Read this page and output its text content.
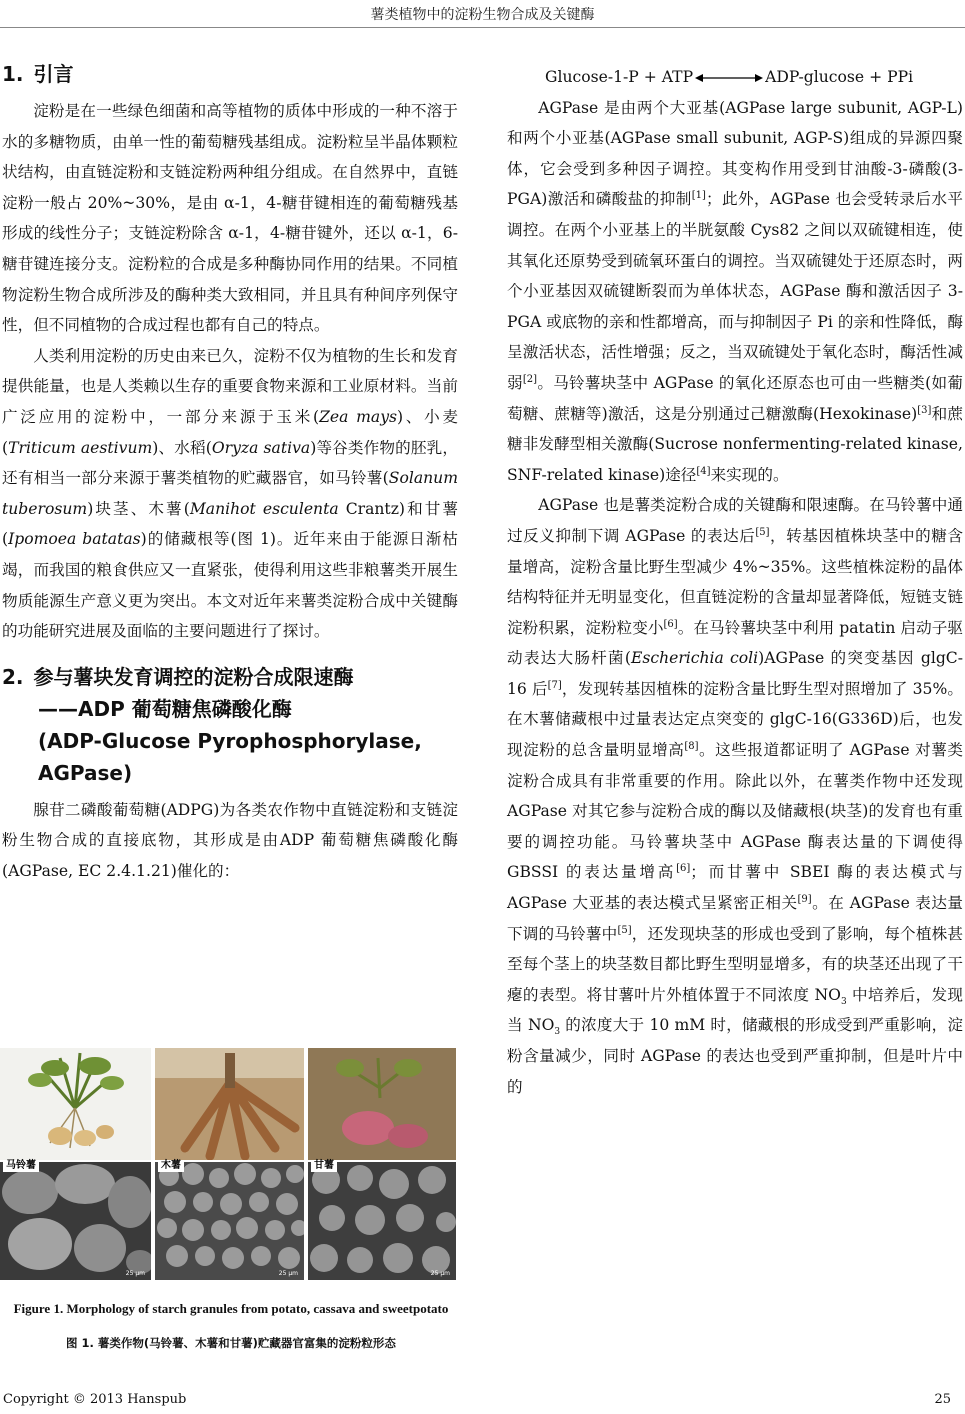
薯类植物中的淀粉生物合成及关键酶
1. 引言

淀粉是在一些绿色细菌和高等植物的质体中形成的一种不溶于水的多糖物质，由单一性的葡萄糖残基组成。淀粉粒呈半晶体颗粒状结构，由直链淀粉和支链淀粉两种组分组成。在自然界中，直链淀粉一般占 20%~30%，是由 α-1，4-糖苷键相连的葡萄糖残基形成的线性分子；支链淀粉除含 α-1，4-糖苷键外，还以 α-1，6-糖苷键连接分支。淀粉粒的合成是多种酶协同作用的结果。不同植物淀粉生物合成所涉及的酶种类大致相同，并且具有种间序列保守性，但不同植物的合成过程也都有自己的特点。

人类利用淀粉的历史由来已久，淀粉不仅为植物的生长和发育提供能量，也是人类赖以生存的重要食物来源和工业原材料。当前广泛应用的淀粉中，一部分来源于玉米(Zea mays)、小麦(Triticum aestivum)、水稻(Oryza sativa)等谷类作物的胚乳，还有相当一部分来源于薯类植物的贮藏器官，如马铃薯(Solanum tuberosum)块茎、木薯(Manihot esculenta Crantz)和甘薯(Ipomoea batatas)的储藏根等(图 1)。近年来由于能源日渐枯竭，而我国的粮食供应又一直紧张，使得利用这些非粮薯类开展生物质能源生产意义更为突出。本文对近年来薯类淀粉合成中关键酶的功能研究进展及面临的主要问题进行了探讨。

2. 参与薯块发育调控的淀粉合成限速酶
——ADP 葡萄糖焦磷酸化酶
(ADP-Glucose Pyrophosphorylase,
AGPase)

腺苷二磷酸葡萄糖(ADPG)为各类农作物中直链淀粉和支链淀粉生物合成的直接底物，其形成是由ADP 葡萄糖焦磷酸化酶(AGPase, EC 2.4.1.21)催化的：

25 μm	25 μm	25 μm
马铃薯	木薯	甘薯
Figure 1. Morphology of starch granules from potato, cassava and sweetpotato
图 1. 薯类作物(马铃薯、木薯和甘薯)贮藏器官富集的淀粉粒形态

Glucose-1-P + ATP	ADP-glucose + PPi

AGPase 是由两个大亚基(AGPase large subunit, AGP-L)和两个小亚基(AGPase small subunit, AGP-S)组成的异源四聚体，它会受到多种因子调控。其变构作用受到甘油酸-3-磷酸(3-PGA)激活和磷酸盐的抑制[1]；此外，AGPase 也会受转录后水平调控。在两个小亚基上的半胱氨酸 Cys82 之间以双硫键相连，使其氧化还原势受到硫氧环蛋白的调控。当双硫键处于还原态时，两个小亚基因双硫键断裂而为单体状态，AGPase 酶和激活因子 3-PGA 或底物的亲和性都增高，而与抑制因子 Pi 的亲和性降低，酶呈激活状态，活性增强；反之，当双硫键处于氧化态时，酶活性减弱[2]。马铃薯块茎中 AGPase 的氧化还原态也可由一些糖类(如葡萄糖、蔗糖等)激活，这是分别通过己糖激酶(Hexokinase)[3]和蔗糖非发酵型相关激酶(Sucrose nonfermenting-related kinase, SNF-related kinase)途径[4]来实现的。

AGPase 也是薯类淀粉合成的关键酶和限速酶。在马铃薯中通过反义抑制下调 AGPase 的表达后[5]，转基因植株块茎中的糖含量增高，淀粉含量比野生型减少 4%~35%。这些植株淀粉的晶体结构特征并无明显变化，但直链淀粉的含量却显著降低，短链支链淀粉积累，淀粉粒变小[6]。在马铃薯块茎中利用 patatin 启动子驱动表达大肠杆菌(Escherichia coli)AGPase 的突变基因 glgC-16 后[7]，发现转基因植株的淀粉含量比野生型对照增加了 35%。在木薯储藏根中过量表达定点突变的 glgC-16(G336D)后，也发现淀粉的总含量明显增高[8]。这些报道都证明了 AGPase 对薯类淀粉合成具有非常重要的作用。除此以外，在薯类作物中还发现 AGPase 对其它参与淀粉合成的酶以及储藏根(块茎)的发育也有重要的调控功能。马铃薯块茎中 AGPase 酶表达量的下调使得 GBSSI 的表达量增高[6]；而甘薯中 SBEI 酶的表达模式与 AGPase 大亚基的表达模式呈紧密正相关[9]。在 AGPase 表达量下调的马铃薯中[5]，还发现块茎的形成也受到了影响，每个植株甚至每个茎上的块茎数目都比野生型明显增多，有的块茎还出现了干瘪的表型。将甘薯叶片外植体置于不同浓度 $NO_3$ 中培养后，发现当 $NO_3$ 的浓度大于 10 mM 时，储藏根的形成受到严重影响，淀粉含量减少，同时 AGPase 的表达也受到严重抑制，但是叶片中的

Copyright © 2013 Hanspub	25
